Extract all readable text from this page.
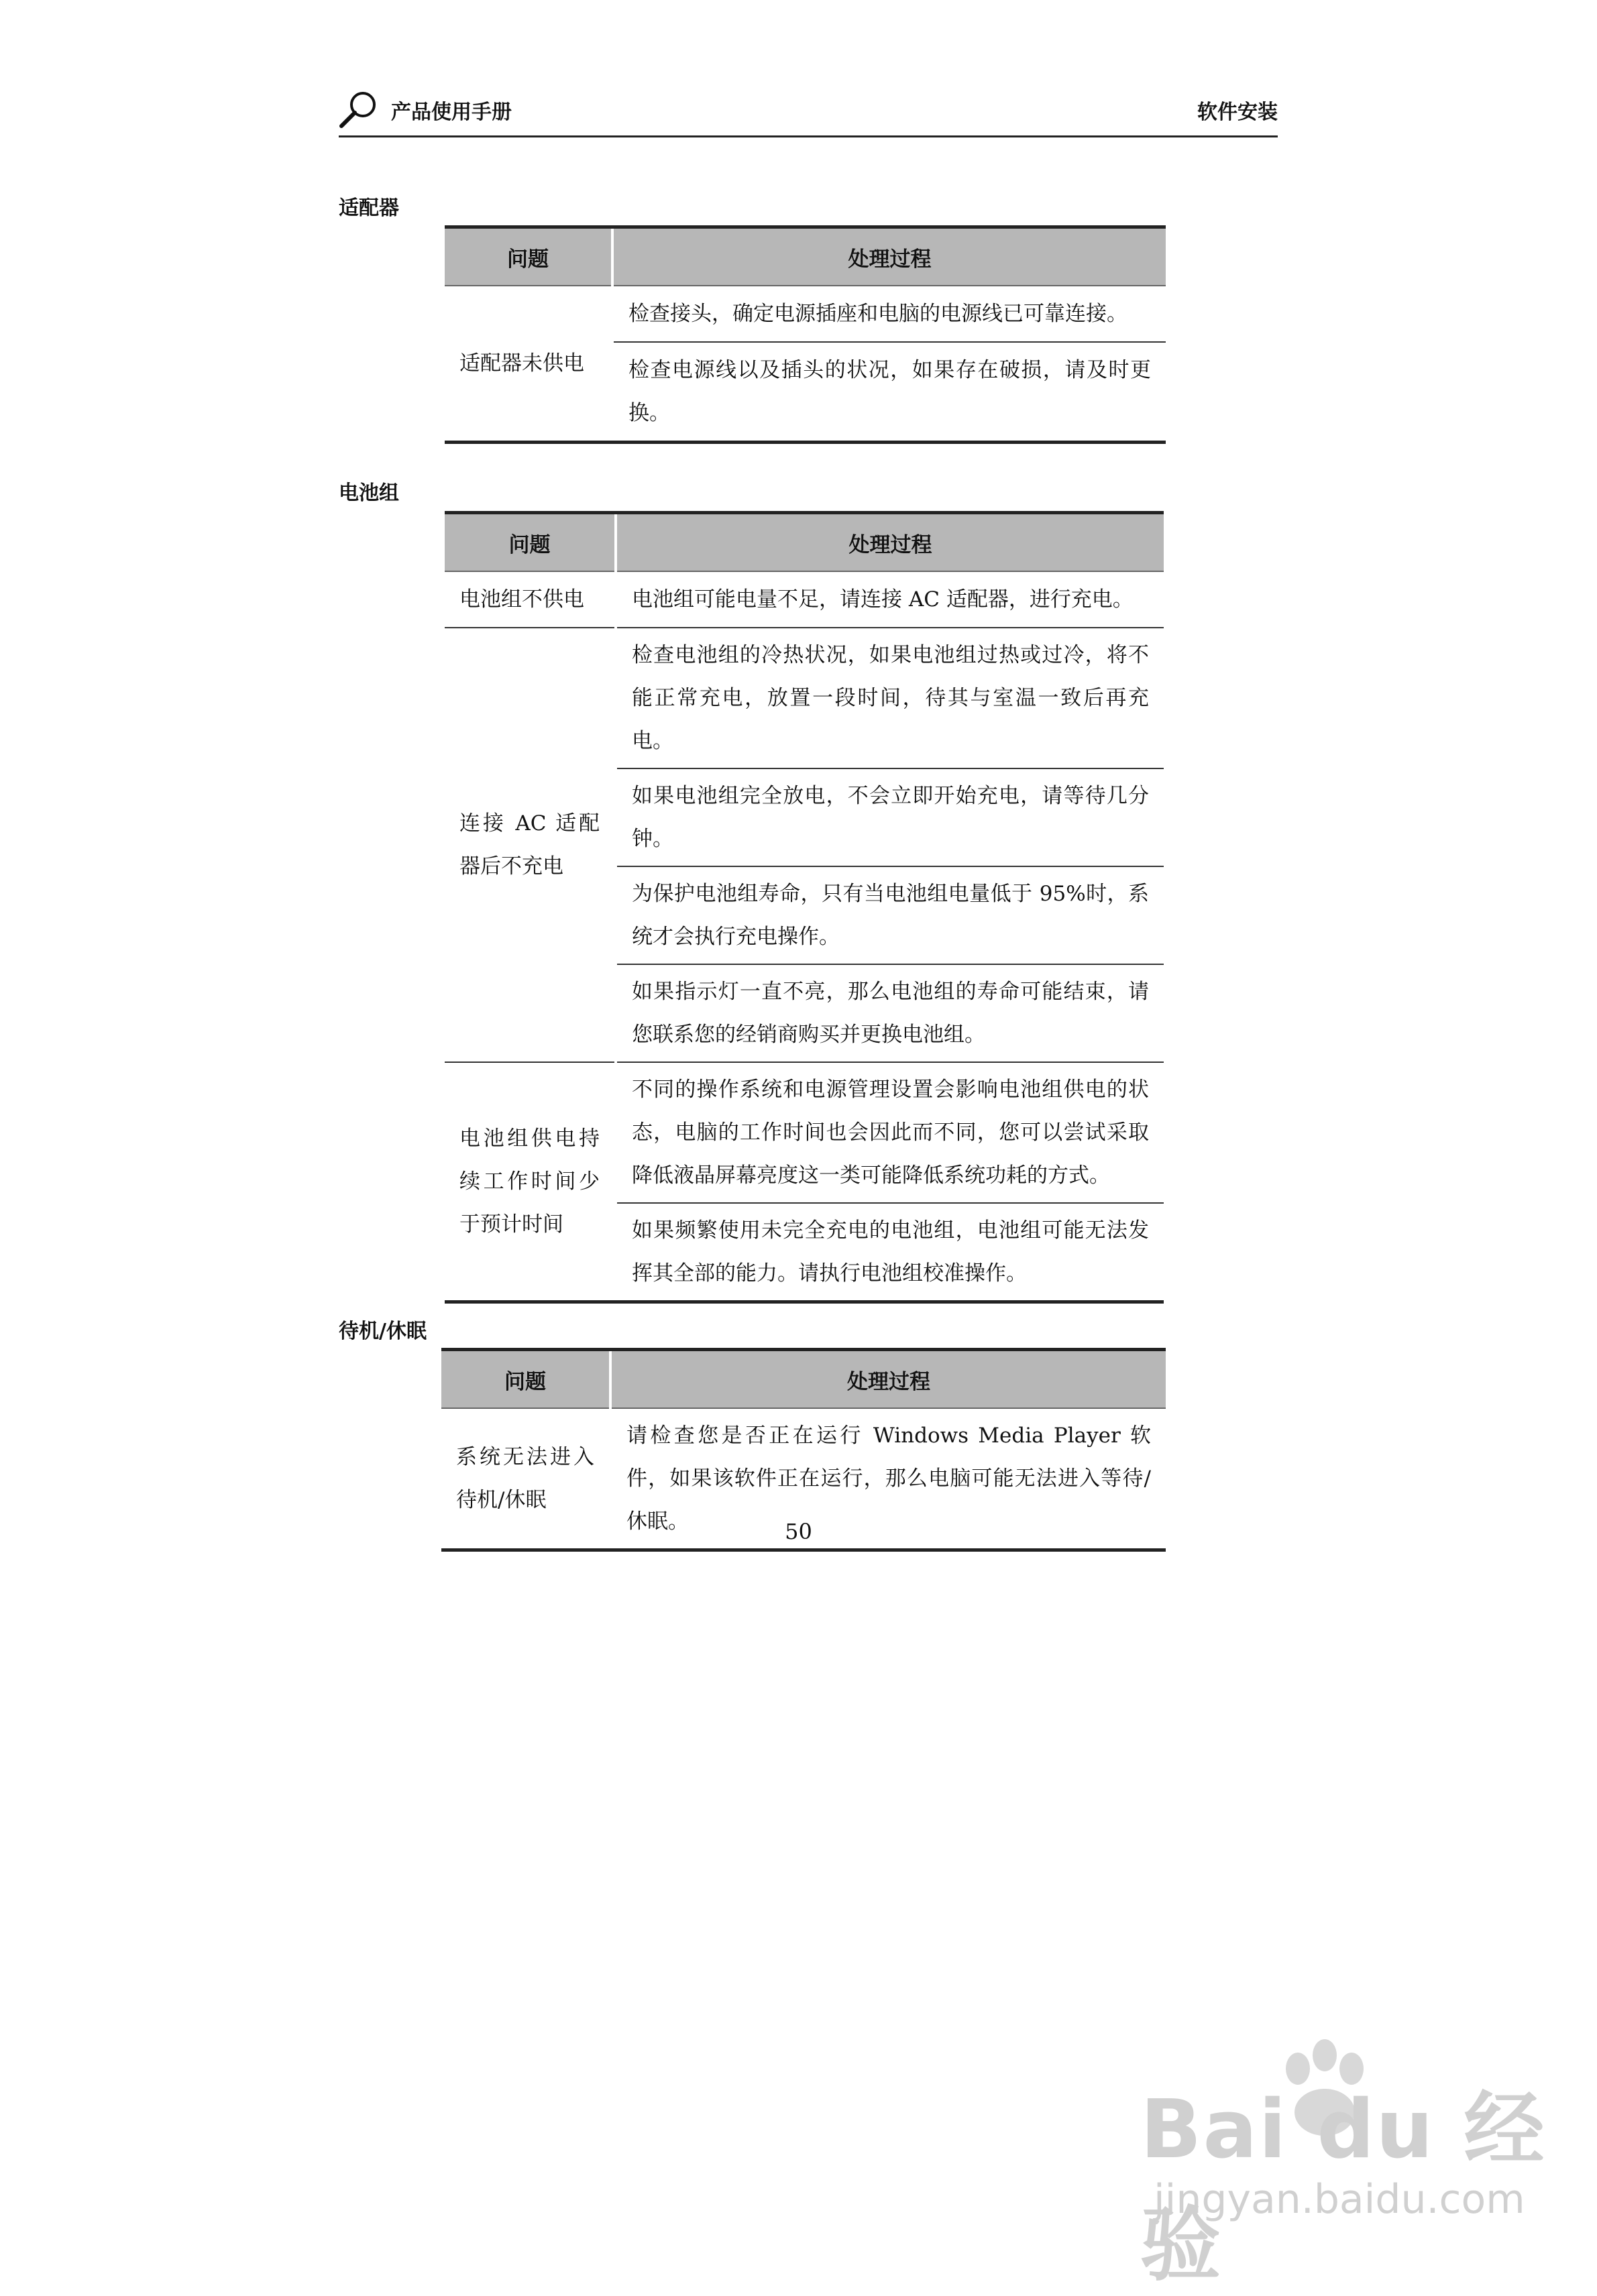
产品使用手册	软件安装
适配器
问题	处理过程
适配器未供电	检查接头，确定电源插座和电脑的电源线已可靠连接。
	检查电源线以及插头的状况，如果存在破损，请及时更换。
电池组
问题	处理过程
电池组不供电	电池组可能电量不足，请连接 AC 适配器，进行充电。
连接 AC 适配器后不充电	检查电池组的冷热状况，如果电池组过热或过冷，将不能正常充电，放置一段时间，待其与室温一致后再充电。
	如果电池组完全放电，不会立即开始充电，请等待几分钟。
	为保护电池组寿命，只有当电池组电量低于 95%时，系统才会执行充电操作。
	如果指示灯一直不亮，那么电池组的寿命可能结束，请您联系您的经销商购买并更换电池组。
电池组供电持续工作时间少于预计时间	不同的操作系统和电源管理设置会影响电池组供电的状态，电脑的工作时间也会因此而不同，您可以尝试采取降低液晶屏幕亮度这一类可能降低系统功耗的方式。
	如果频繁使用未完全充电的电池组，电池组可能无法发挥其全部的能力。请执行电池组校准操作。
待机/休眠
问题	处理过程
系统无法进入待机/休眠	请检查您是否正在运行 Windows Media Player 软件，如果该软件正在运行，那么电脑可能无法进入等待/休眠。	50
Bai du 经验
jingyan.baidu.com
